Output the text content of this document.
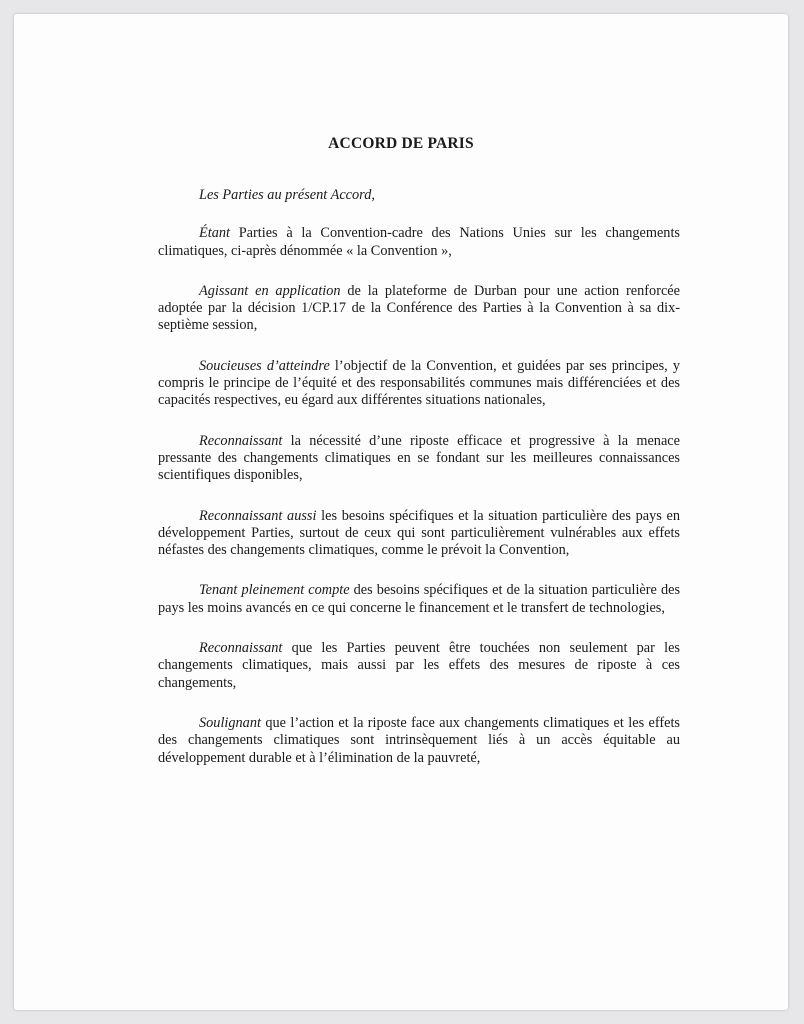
ACCORD DE PARIS

Les Parties au présent Accord,

Étant Parties à la Convention-cadre des Nations Unies sur les changements climatiques, ci-après dénommée « la Convention »,

Agissant en application de la plateforme de Durban pour une action renforcée adoptée par la décision 1/CP.17 de la Conférence des Parties à la Convention à sa dix-septième session,

Soucieuses d’atteindre l’objectif de la Convention, et guidées par ses principes, y compris le principe de l’équité et des responsabilités communes mais différenciées et des capacités respectives, eu égard aux différentes situations nationales,

Reconnaissant la nécessité d’une riposte efficace et progressive à la menace pressante des changements climatiques en se fondant sur les meilleures connaissances scientifiques disponibles,

Reconnaissant aussi les besoins spécifiques et la situation particulière des pays en développement Parties, surtout de ceux qui sont particulièrement vulnérables aux effets néfastes des changements climatiques, comme le prévoit la Convention,

Tenant pleinement compte des besoins spécifiques et de la situation particulière des pays les moins avancés en ce qui concerne le financement et le transfert de technologies,

Reconnaissant que les Parties peuvent être touchées non seulement par les changements climatiques, mais aussi par les effets des mesures de riposte à ces changements,

Soulignant que l’action et la riposte face aux changements climatiques et les effets des changements climatiques sont intrinsèquement liés à un accès équitable au développement durable et à l’élimination de la pauvreté,
